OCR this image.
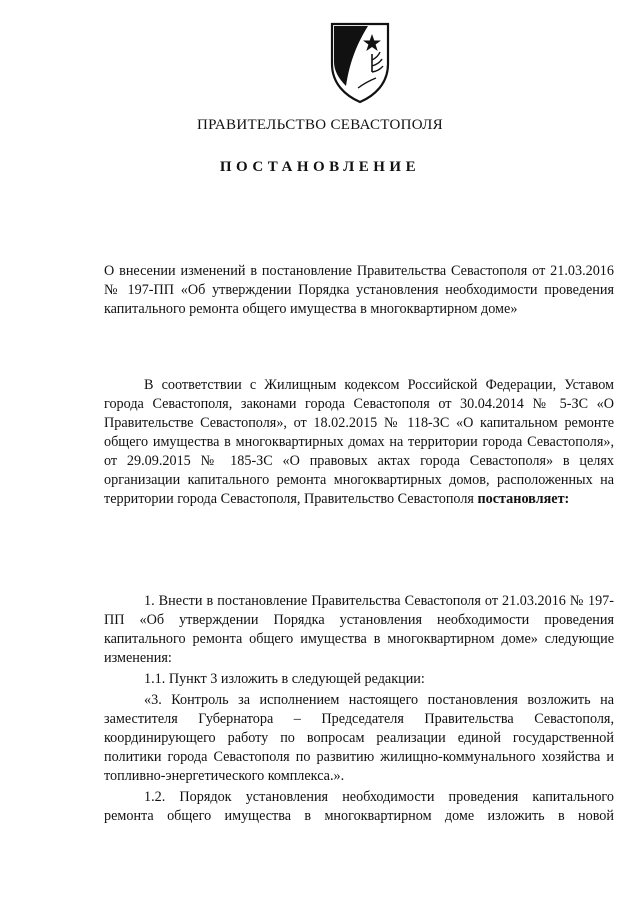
ПРАВИТЕЛЬСТВО СЕВАСТОПОЛЯ
ПОСТАНОВЛЕНИЕ
О внесении изменений в постановление Правительства Севастополя от 21.03.2016 № 197-ПП «Об утверждении Порядка установления необходимости проведения капитального ремонта общего имущества в многоквартирном доме»

В соответствии с Жилищным кодексом Российской Федерации, Уставом города Севастополя, законами города Севастополя от 30.04.2014 № 5-ЗС «О Правительстве Севастополя», от 18.02.2015 № 118-ЗС «О капитальном ремонте общего имущества в многоквартирных домах на территории города Севастополя», от 29.09.2015 № 185-ЗС «О правовых актах города Севастополя» в целях организации капитального ремонта многоквартирных домов, расположенных на территории города Севастополя, Правительство Севастополя постановляет:

1. Внести в постановление Правительства Севастополя от 21.03.2016 № 197-ПП «Об утверждении Порядка установления необходимости проведения капитального ремонта общего имущества в многоквартирном доме» следующие изменения:

1.1. Пункт 3 изложить в следующей редакции:

«3. Контроль за исполнением настоящего постановления возложить на заместителя Губернатора – Председателя Правительства Севастополя, координирующего работу по вопросам реализации единой государственной политики города Севастополя по развитию жилищно-коммунального хозяйства и топливно-энергетического комплекса.».

1.2. Порядок установления необходимости проведения капитального ремонта общего имущества в многоквартирном доме изложить в новой
